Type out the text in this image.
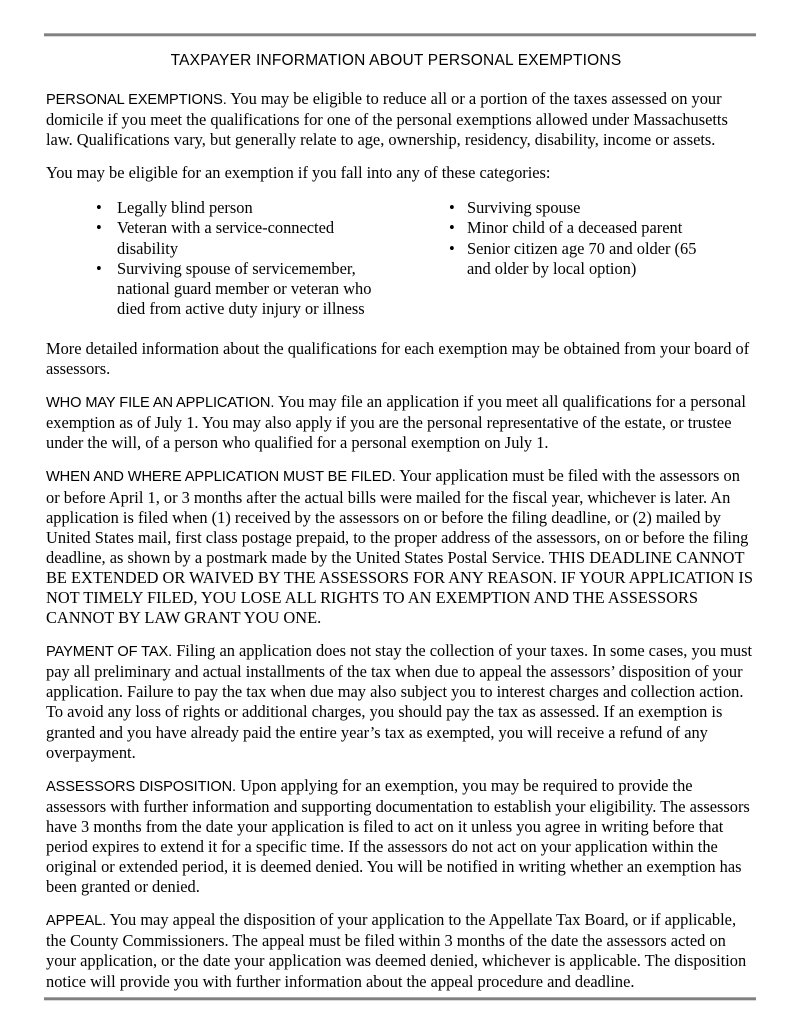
TAXPAYER INFORMATION ABOUT PERSONAL EXEMPTIONS

PERSONAL EXEMPTIONS. You may be eligible to reduce all or a portion of the taxes assessed on your domicile if you meet the qualifications for one of the personal exemptions allowed under Massachusetts law. Qualifications vary, but generally relate to age, ownership, residency, disability, income or assets.

You may be eligible for an exemption if you fall into any of these categories:

• Legally blind person
• Veteran with a service-connected disability
• Surviving spouse of servicemember, national guard member or veteran who died from active duty injury or illness
• Surviving spouse
• Minor child of a deceased parent
• Senior citizen age 70 and older (65 and older by local option)

More detailed information about the qualifications for each exemption may be obtained from your board of assessors.

WHO MAY FILE AN APPLICATION. You may file an application if you meet all qualifications for a personal exemption as of July 1. You may also apply if you are the personal representative of the estate, or trustee under the will, of a person who qualified for a personal exemption on July 1.

WHEN AND WHERE APPLICATION MUST BE FILED. Your application must be filed with the assessors on or before April 1, or 3 months after the actual bills were mailed for the fiscal year, whichever is later. An application is filed when (1) received by the assessors on or before the filing deadline, or (2) mailed by United States mail, first class postage prepaid, to the proper address of the assessors, on or before the filing deadline, as shown by a postmark made by the United States Postal Service. THIS DEADLINE CANNOT BE EXTENDED OR WAIVED BY THE ASSESSORS FOR ANY REASON. IF YOUR APPLICATION IS NOT TIMELY FILED, YOU LOSE ALL RIGHTS TO AN EXEMPTION AND THE ASSESSORS CANNOT BY LAW GRANT YOU ONE.

PAYMENT OF TAX. Filing an application does not stay the collection of your taxes. In some cases, you must pay all preliminary and actual installments of the tax when due to appeal the assessors’ disposition of your application. Failure to pay the tax when due may also subject you to interest charges and collection action. To avoid any loss of rights or additional charges, you should pay the tax as assessed. If an exemption is granted and you have already paid the entire year’s tax as exempted, you will receive a refund of any overpayment.

ASSESSORS DISPOSITION. Upon applying for an exemption, you may be required to provide the assessors with further information and supporting documentation to establish your eligibility. The assessors have 3 months from the date your application is filed to act on it unless you agree in writing before that period expires to extend it for a specific time. If the assessors do not act on your application within the original or extended period, it is deemed denied. You will be notified in writing whether an exemption has been granted or denied.

APPEAL. You may appeal the disposition of your application to the Appellate Tax Board, or if applicable, the County Commissioners. The appeal must be filed within 3 months of the date the assessors acted on your application, or the date your application was deemed denied, whichever is applicable. The disposition notice will provide you with further information about the appeal procedure and deadline.
